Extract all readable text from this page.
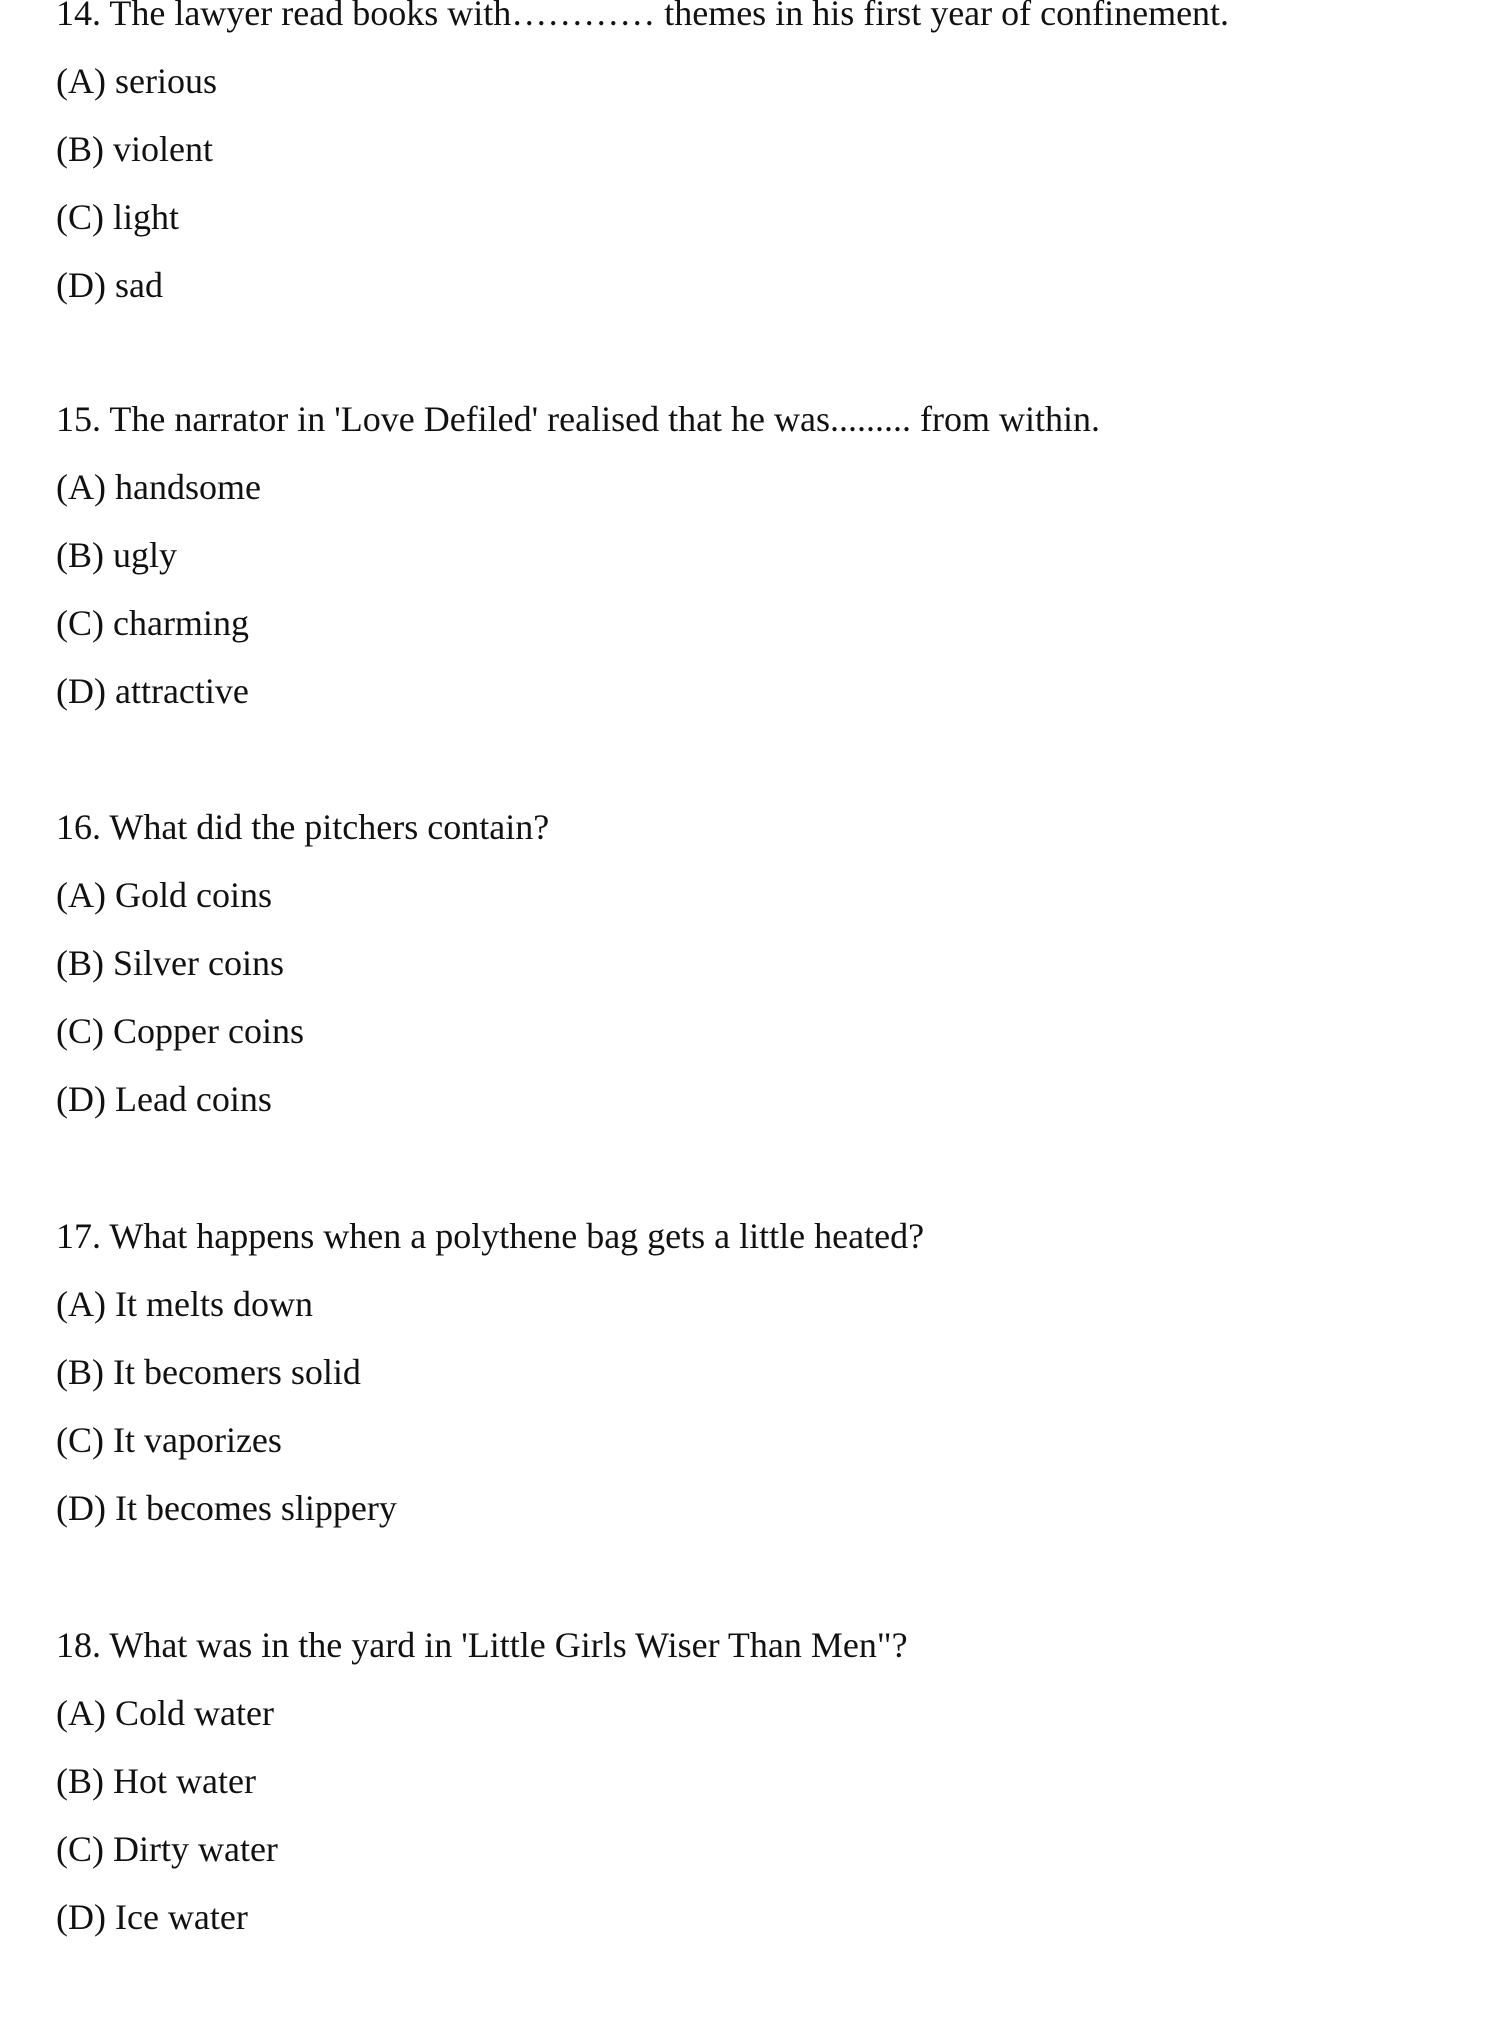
14. The lawyer read books with………… themes in his first year of confinement.
(A) serious
(B) violent
(C) light
(D) sad
15. The narrator in 'Love Defiled' realised that he was......... from within.
(A) handsome
(B) ugly
(C) charming
(D) attractive
16. What did the pitchers contain?
(A) Gold coins
(B) Silver coins
(C) Copper coins
(D) Lead coins
17. What happens when a polythene bag gets a little heated?
(A) It melts down
(B) It becomers solid
(C) It vaporizes
(D) It becomes slippery
18. What was in the yard in 'Little Girls Wiser Than Men"?
(A) Cold water
(B) Hot water
(C) Dirty water
(D) Ice water
